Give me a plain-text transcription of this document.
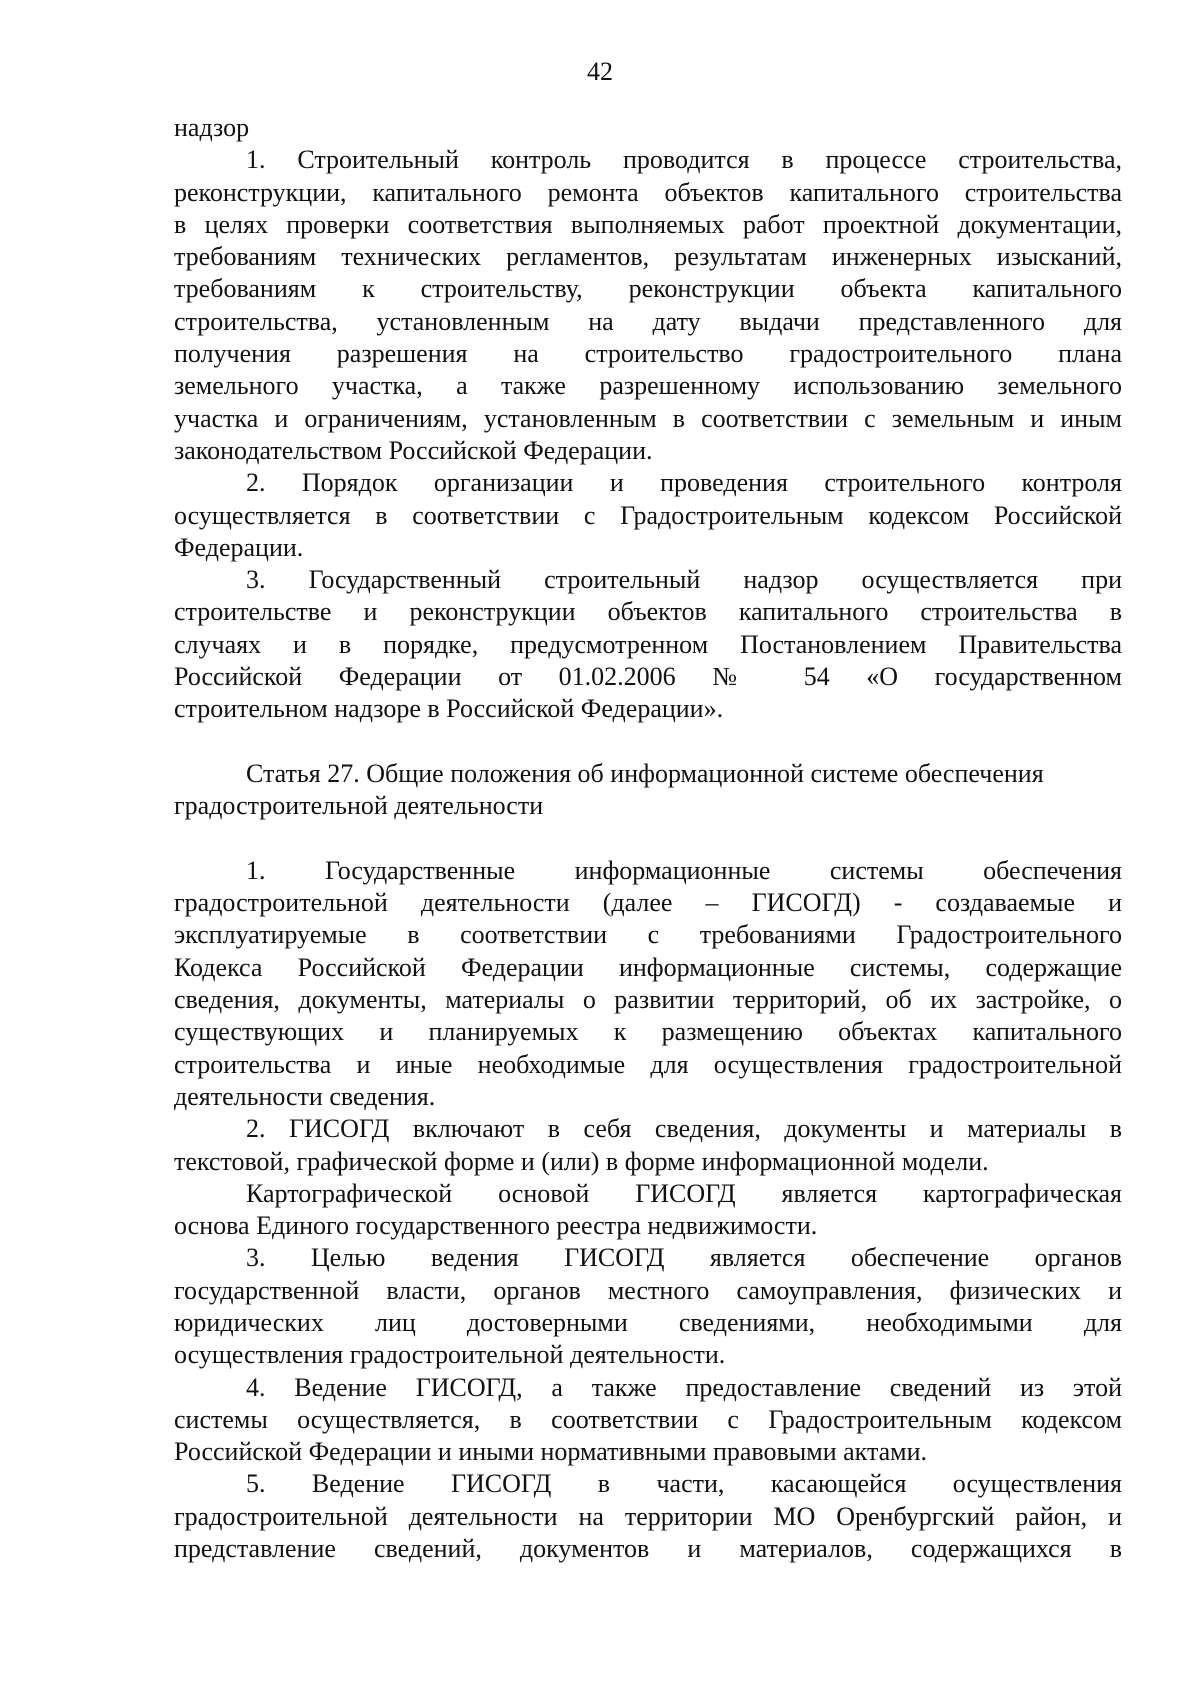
42

надзор

1. Строительный контроль проводится в процессе строительства,

реконструкции, капитального ремонта объектов капитального строительства

в целях проверки соответствия выполняемых работ проектной документации,

требованиям технических регламентов, результатам инженерных изысканий,

требованиям к строительству, реконструкции объекта капитального

строительства, установленным на дату выдачи представленного для

получения разрешения на строительство градостроительного плана

земельного участка, а также разрешенному использованию земельного

участка и ограничениям, установленным в соответствии с земельным и иным

законодательством Российской Федерации.

2. Порядок организации и проведения строительного контроля

осуществляется в соответствии с Градостроительным кодексом Российской

Федерации.

3. Государственный строительный надзор осуществляется при

строительстве и реконструкции объектов капитального строительства в

случаях и в порядке, предусмотренном Постановлением Правительства

Российской Федерации от 01.02.2006 № 54 «О государственном

строительном надзоре в Российской Федерации».

Статья 27. Общие положения об информационной системе обеспечения

градостроительной деятельности

1. Государственные информационные системы обеспечения

градостроительной деятельности (далее – ГИСОГД) - создаваемые и

эксплуатируемые в соответствии с требованиями Градостроительного

Кодекса Российской Федерации информационные системы, содержащие

сведения, документы, материалы о развитии территорий, об их застройке, о

существующих и планируемых к размещению объектах капитального

строительства и иные необходимые для осуществления градостроительной

деятельности сведения.

2. ГИСОГД включают в себя сведения, документы и материалы в

текстовой, графической форме и (или) в форме информационной модели.

Картографической основой ГИСОГД является картографическая

основа Единого государственного реестра недвижимости.

3. Целью ведения ГИСОГД является обеспечение органов

государственной власти, органов местного самоуправления, физических и

юридических лиц достоверными сведениями, необходимыми для

осуществления градостроительной деятельности.

4. Ведение ГИСОГД, а также предоставление сведений из этой

системы осуществляется, в соответствии с Градостроительным кодексом

Российской Федерации и иными нормативными правовыми актами.

5. Ведение ГИСОГД в части, касающейся осуществления

градостроительной деятельности на территории МО Оренбургский район, и

представление сведений, документов и материалов, содержащихся в
